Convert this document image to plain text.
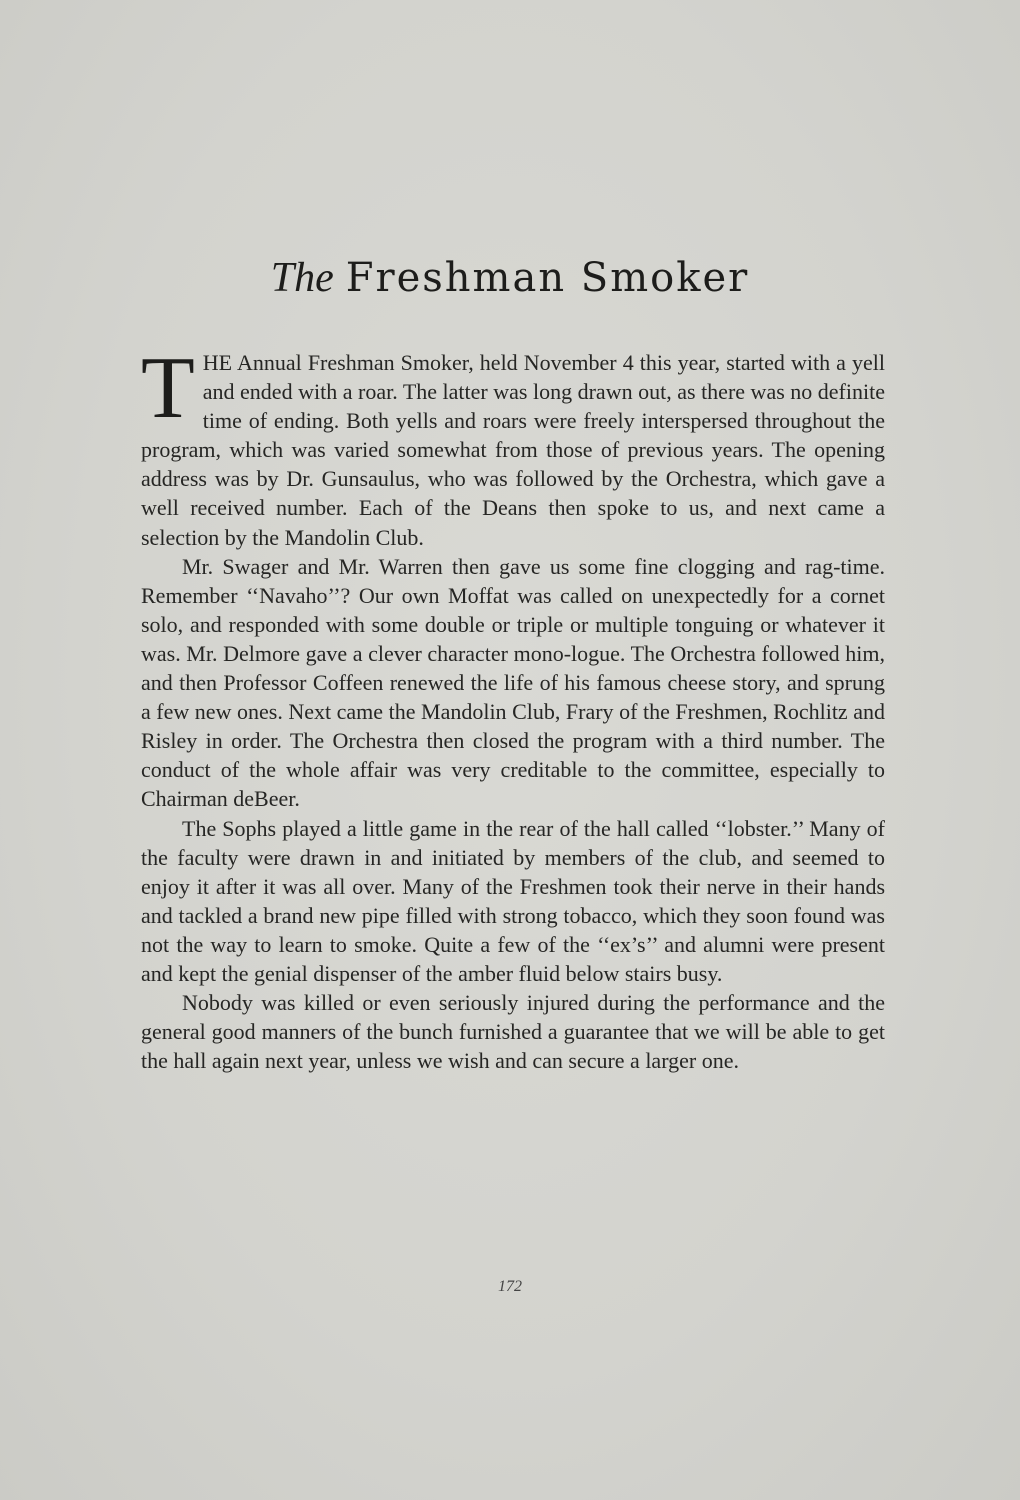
The Freshman Smoker

THE Annual Freshman Smoker, held November 4 this year, started with a yell and ended with a roar. The latter was long drawn out, as there was no definite time of ending. Both yells and roars were freely interspersed throughout the program, which was varied somewhat from those of previous years. The opening address was by Dr. Gunsaulus, who was followed by the Orchestra, which gave a well received number. Each of the Deans then spoke to us, and next came a selection by the Mandolin Club.

Mr. Swager and Mr. Warren then gave us some fine clogging and rag-time. Remember ‘‘Navaho’’? Our own Moffat was called on unexpectedly for a cornet solo, and responded with some double or triple or multiple tonguing or whatever it was. Mr. Delmore gave a clever character mono-logue. The Orchestra followed him, and then Professor Coffeen renewed the life of his famous cheese story, and sprung a few new ones. Next came the Mandolin Club, Frary of the Freshmen, Rochlitz and Risley in order. The Orchestra then closed the program with a third number. The conduct of the whole affair was very creditable to the committee, especially to Chairman deBeer.

The Sophs played a little game in the rear of the hall called ‘‘lobster.’’ Many of the faculty were drawn in and initiated by members of the club, and seemed to enjoy it after it was all over. Many of the Freshmen took their nerve in their hands and tackled a brand new pipe filled with strong tobacco, which they soon found was not the way to learn to smoke. Quite a few of the ‘‘ex’s’’ and alumni were present and kept the genial dispenser of the amber fluid below stairs busy.

Nobody was killed or even seriously injured during the performance and the general good manners of the bunch furnished a guarantee that we will be able to get the hall again next year, unless we wish and can secure a larger one.

172
